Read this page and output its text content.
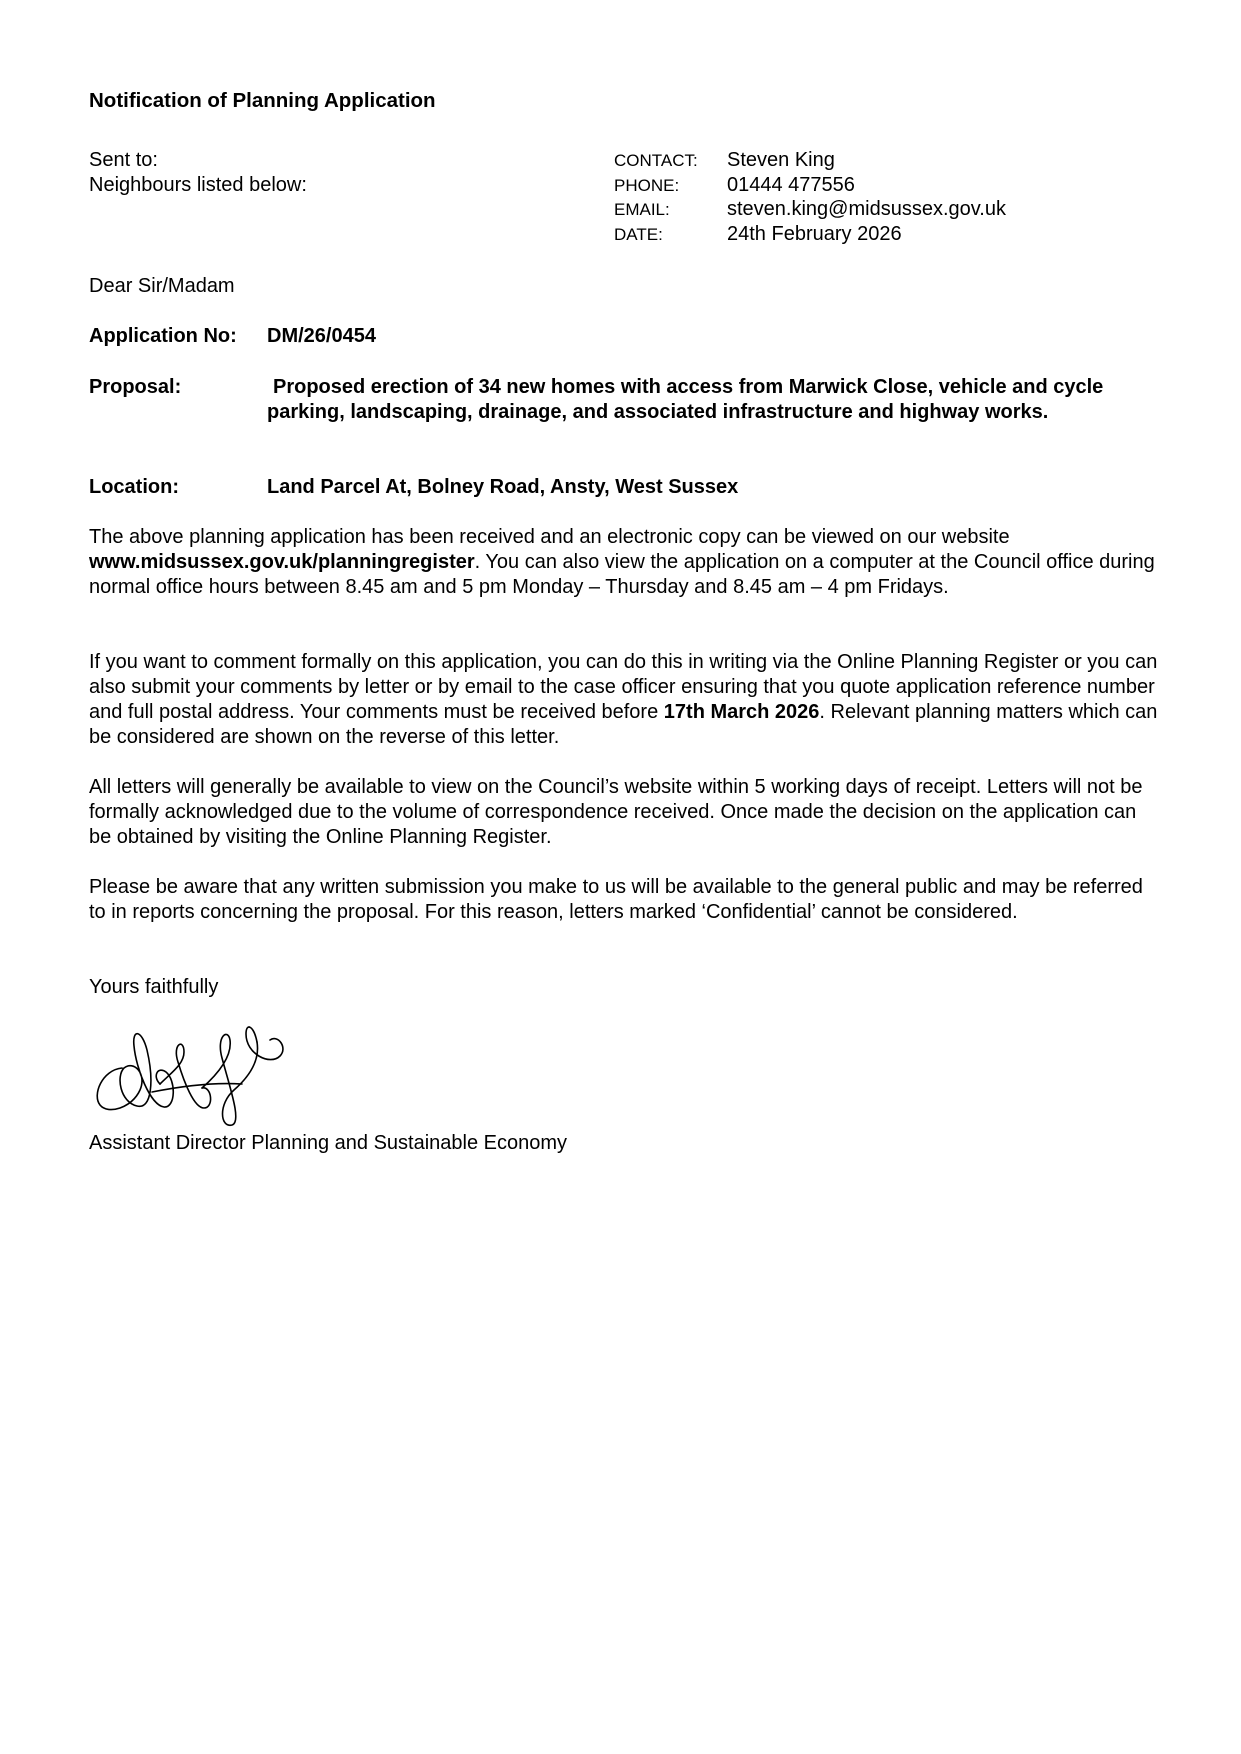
Notification of Planning Application
Sent to:
Neighbours listed below:
CONTACT:	Steven King
PHONE:	01444 477556
EMAIL:	steven.king@midsussex.gov.uk
DATE:	24th February 2026
Dear Sir/Madam
Application No:	DM/26/0454
Proposal:	Proposed erection of 34 new homes with access from Marwick Close, vehicle and cycle parking, landscaping, drainage, and associated infrastructure and highway works.
Location:	Land Parcel At, Bolney Road, Ansty, West Sussex
The above planning application has been received and an electronic copy can be viewed on our website www.midsussex.gov.uk/planningregister. You can also view the application on a computer at the Council office during normal office hours between 8.45 am and 5 pm Monday – Thursday and 8.45 am – 4 pm Fridays.
If you want to comment formally on this application, you can do this in writing via the Online Planning Register or you can also submit your comments by letter or by email to the case officer ensuring that you quote application reference number and full postal address. Your comments must be received before 17th March 2026. Relevant planning matters which can be considered are shown on the reverse of this letter.
All letters will generally be available to view on the Council’s website within 5 working days of receipt. Letters will not be formally acknowledged due to the volume of correspondence received. Once made the decision on the application can be obtained by visiting the Online Planning Register.
Please be aware that any written submission you make to us will be available to the general public and may be referred to in reports concerning the proposal. For this reason, letters marked ‘Confidential’ cannot be considered.
Yours faithfully
Assistant Director Planning and Sustainable Economy
